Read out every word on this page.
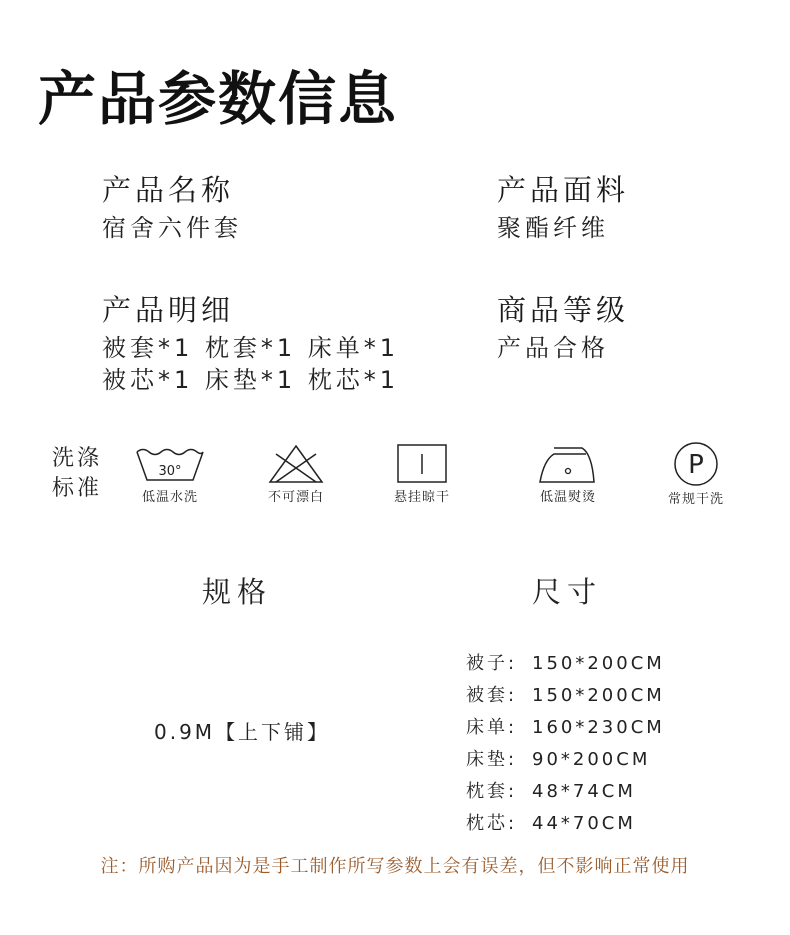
产品参数信息
产品名称
宿舍六件套
产品面料
聚酯纤维
产品明细
被套*1 枕套*1 床单*1
被芯*1 床垫*1 枕芯*1
商品等级
产品合格
洗涤
标准
30°
低温水洗	不可漂白	悬挂晾干	低温熨烫
P
常规干洗
规格	尺寸
0.9M【上下铺】
被子: 150*200CM
被套: 150*200CM
床单: 160*230CM
床垫: 90*200CM
枕套: 48*74CM
枕芯: 44*70CM
注：所购产品因为是手工制作所写参数上会有误差，但不影响正常使用
